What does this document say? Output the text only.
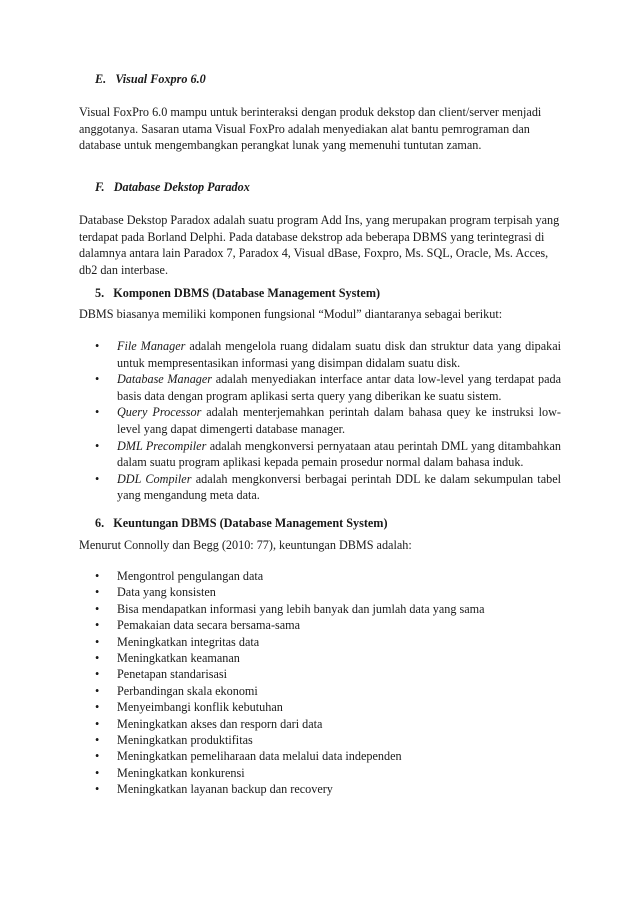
E. Visual Foxpro 6.0
Visual FoxPro 6.0 mampu untuk berinteraksi dengan produk dekstop dan client/server menjadi anggotanya. Sasaran utama Visual FoxPro adalah menyediakan alat bantu pemrograman dan database untuk mengembangkan perangkat lunak yang memenuhi tuntutan zaman.
F. Database Dekstop Paradox
Database Dekstop Paradox adalah suatu program Add Ins, yang merupakan program terpisah yang terdapat pada Borland Delphi. Pada database dekstrop ada beberapa DBMS yang terintegrasi di dalamnya antara lain Paradox 7, Paradox 4, Visual dBase, Foxpro, Ms. SQL, Oracle, Ms. Acces, db2 dan interbase.
5. Komponen DBMS (Database Management System)
DBMS biasanya memiliki komponen fungsional “Modul” diantaranya sebagai berikut:
• File Manager adalah mengelola ruang didalam suatu disk dan struktur data yang dipakai untuk mempresentasikan informasi yang disimpan didalam suatu disk.
• Database Manager adalah menyediakan interface antar data low-level yang terdapat pada basis data dengan program aplikasi serta query yang diberikan ke suatu sistem.
• Query Processor adalah menterjemahkan perintah dalam bahasa quey ke instruksi low-level yang dapat dimengerti database manager.
• DML Precompiler adalah mengkonversi pernyataan atau perintah DML yang ditambahkan dalam suatu program aplikasi kepada pemain prosedur normal dalam bahasa induk.
• DDL Compiler adalah mengkonversi berbagai perintah DDL ke dalam sekumpulan tabel yang mengandung meta data.
6. Keuntungan DBMS (Database Management System)
Menurut Connolly dan Begg (2010: 77), keuntungan DBMS adalah:
• Mengontrol pengulangan data
• Data yang konsisten
• Bisa mendapatkan informasi yang lebih banyak dan jumlah data yang sama
• Pemakaian data secara bersama-sama
• Meningkatkan integritas data
• Meningkatkan keamanan
• Penetapan standarisasi
• Perbandingan skala ekonomi
• Menyeimbangi konflik kebutuhan
• Meningkatkan akses dan resporn dari data
• Meningkatkan produktifitas
• Meningkatkan pemeliharaan data melalui data independen
• Meningkatkan konkurensi
• Meningkatkan layanan backup dan recovery
